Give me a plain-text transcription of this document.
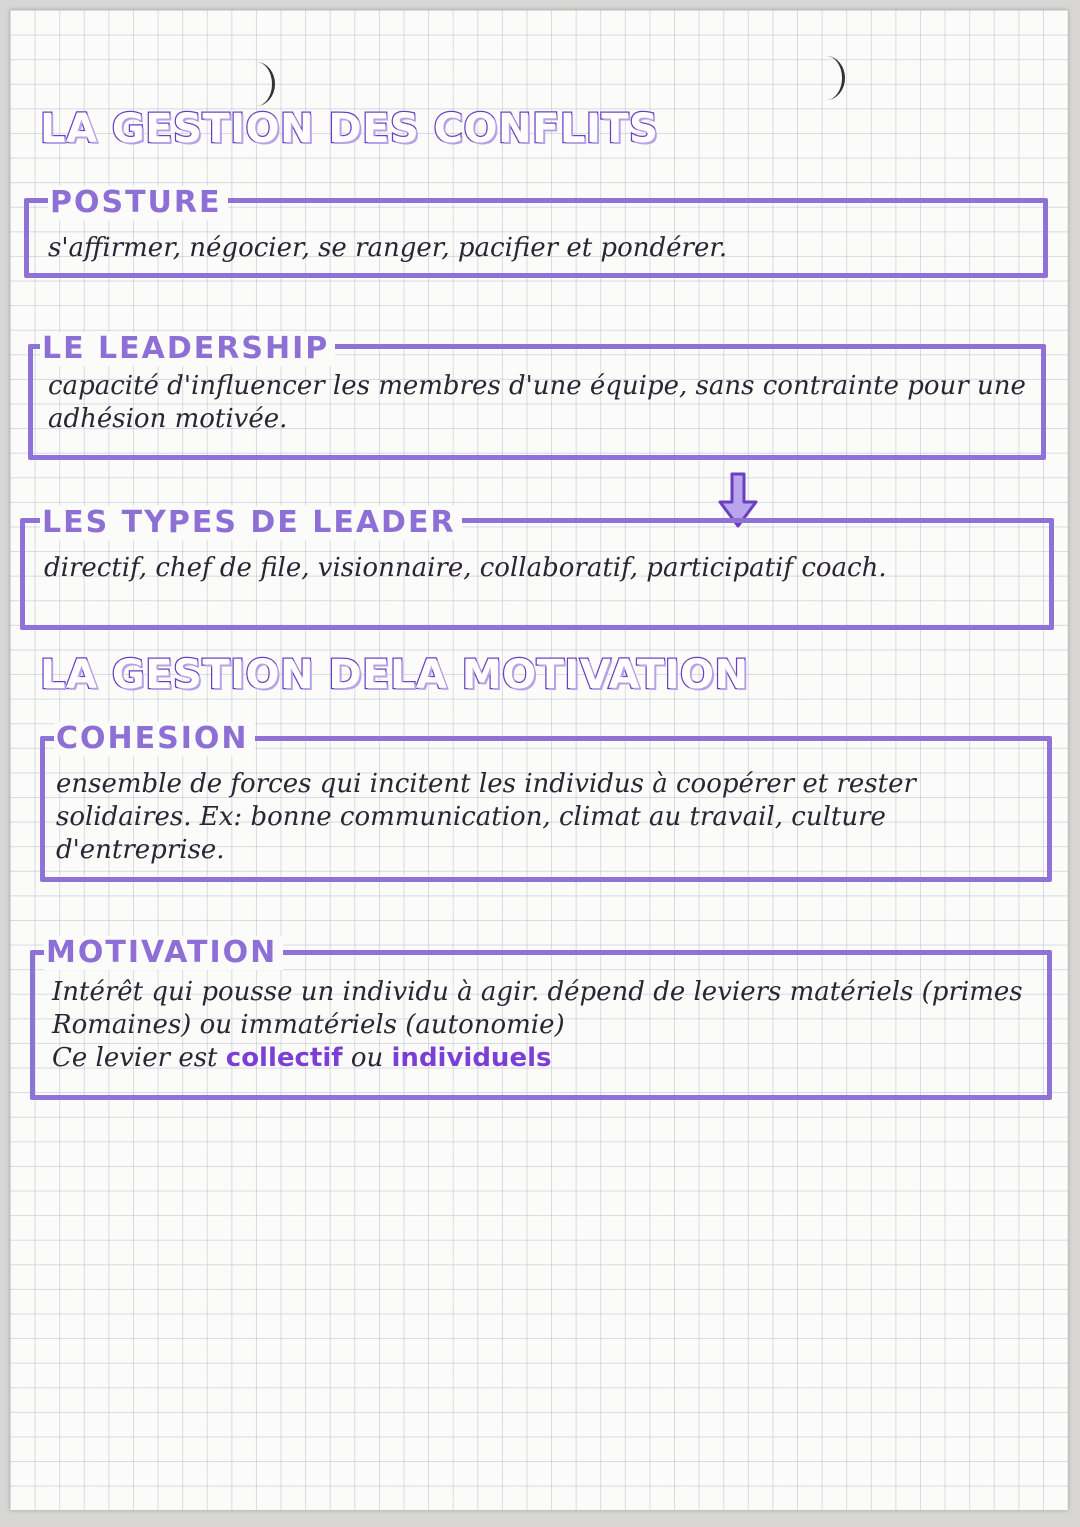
LA GESTION DES CONFLITS
POSTURE
s'affirmer, négocier, se ranger, pacifier et pondérer.
LE LEADERSHIP
capacité d'influencer les membres d'une équipe, sans contrainte pour une adhésion motivée.
LES TYPES DE LEADER
directif, chef de file, visionnaire, collaboratif, participatif coach.
LA GESTION DELA MOTIVATION
COHESION
ensemble de forces qui incitent les individus à coopérer et rester solidaires. Ex: bonne communication, climat au travail, culture d'entreprise.
MOTIVATION
Intérêt qui pousse un individu à agir. dépend de leviers matériels (primes Romaines) ou immatériels (autonomie)
Ce levier est collectif ou individuels
